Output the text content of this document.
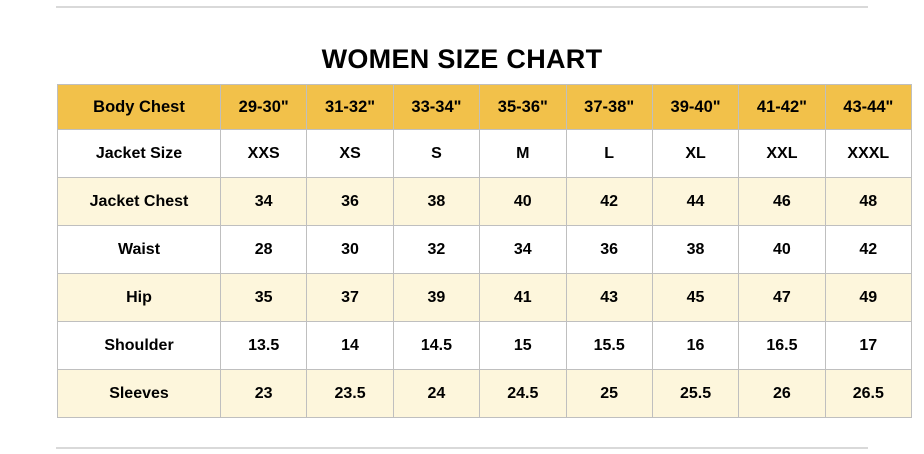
WOMEN SIZE CHART
Body Chest	29-30"	31-32"	33-34"	35-36"	37-38"	39-40"	41-42"	43-44"
Jacket Size	XXS	XS	S	M	L	XL	XXL	XXXL
Jacket Chest	34	36	38	40	42	44	46	48
Waist	28	30	32	34	36	38	40	42
Hip	35	37	39	41	43	45	47	49
Shoulder	13.5	14	14.5	15	15.5	16	16.5	17
Sleeves	23	23.5	24	24.5	25	25.5	26	26.5
